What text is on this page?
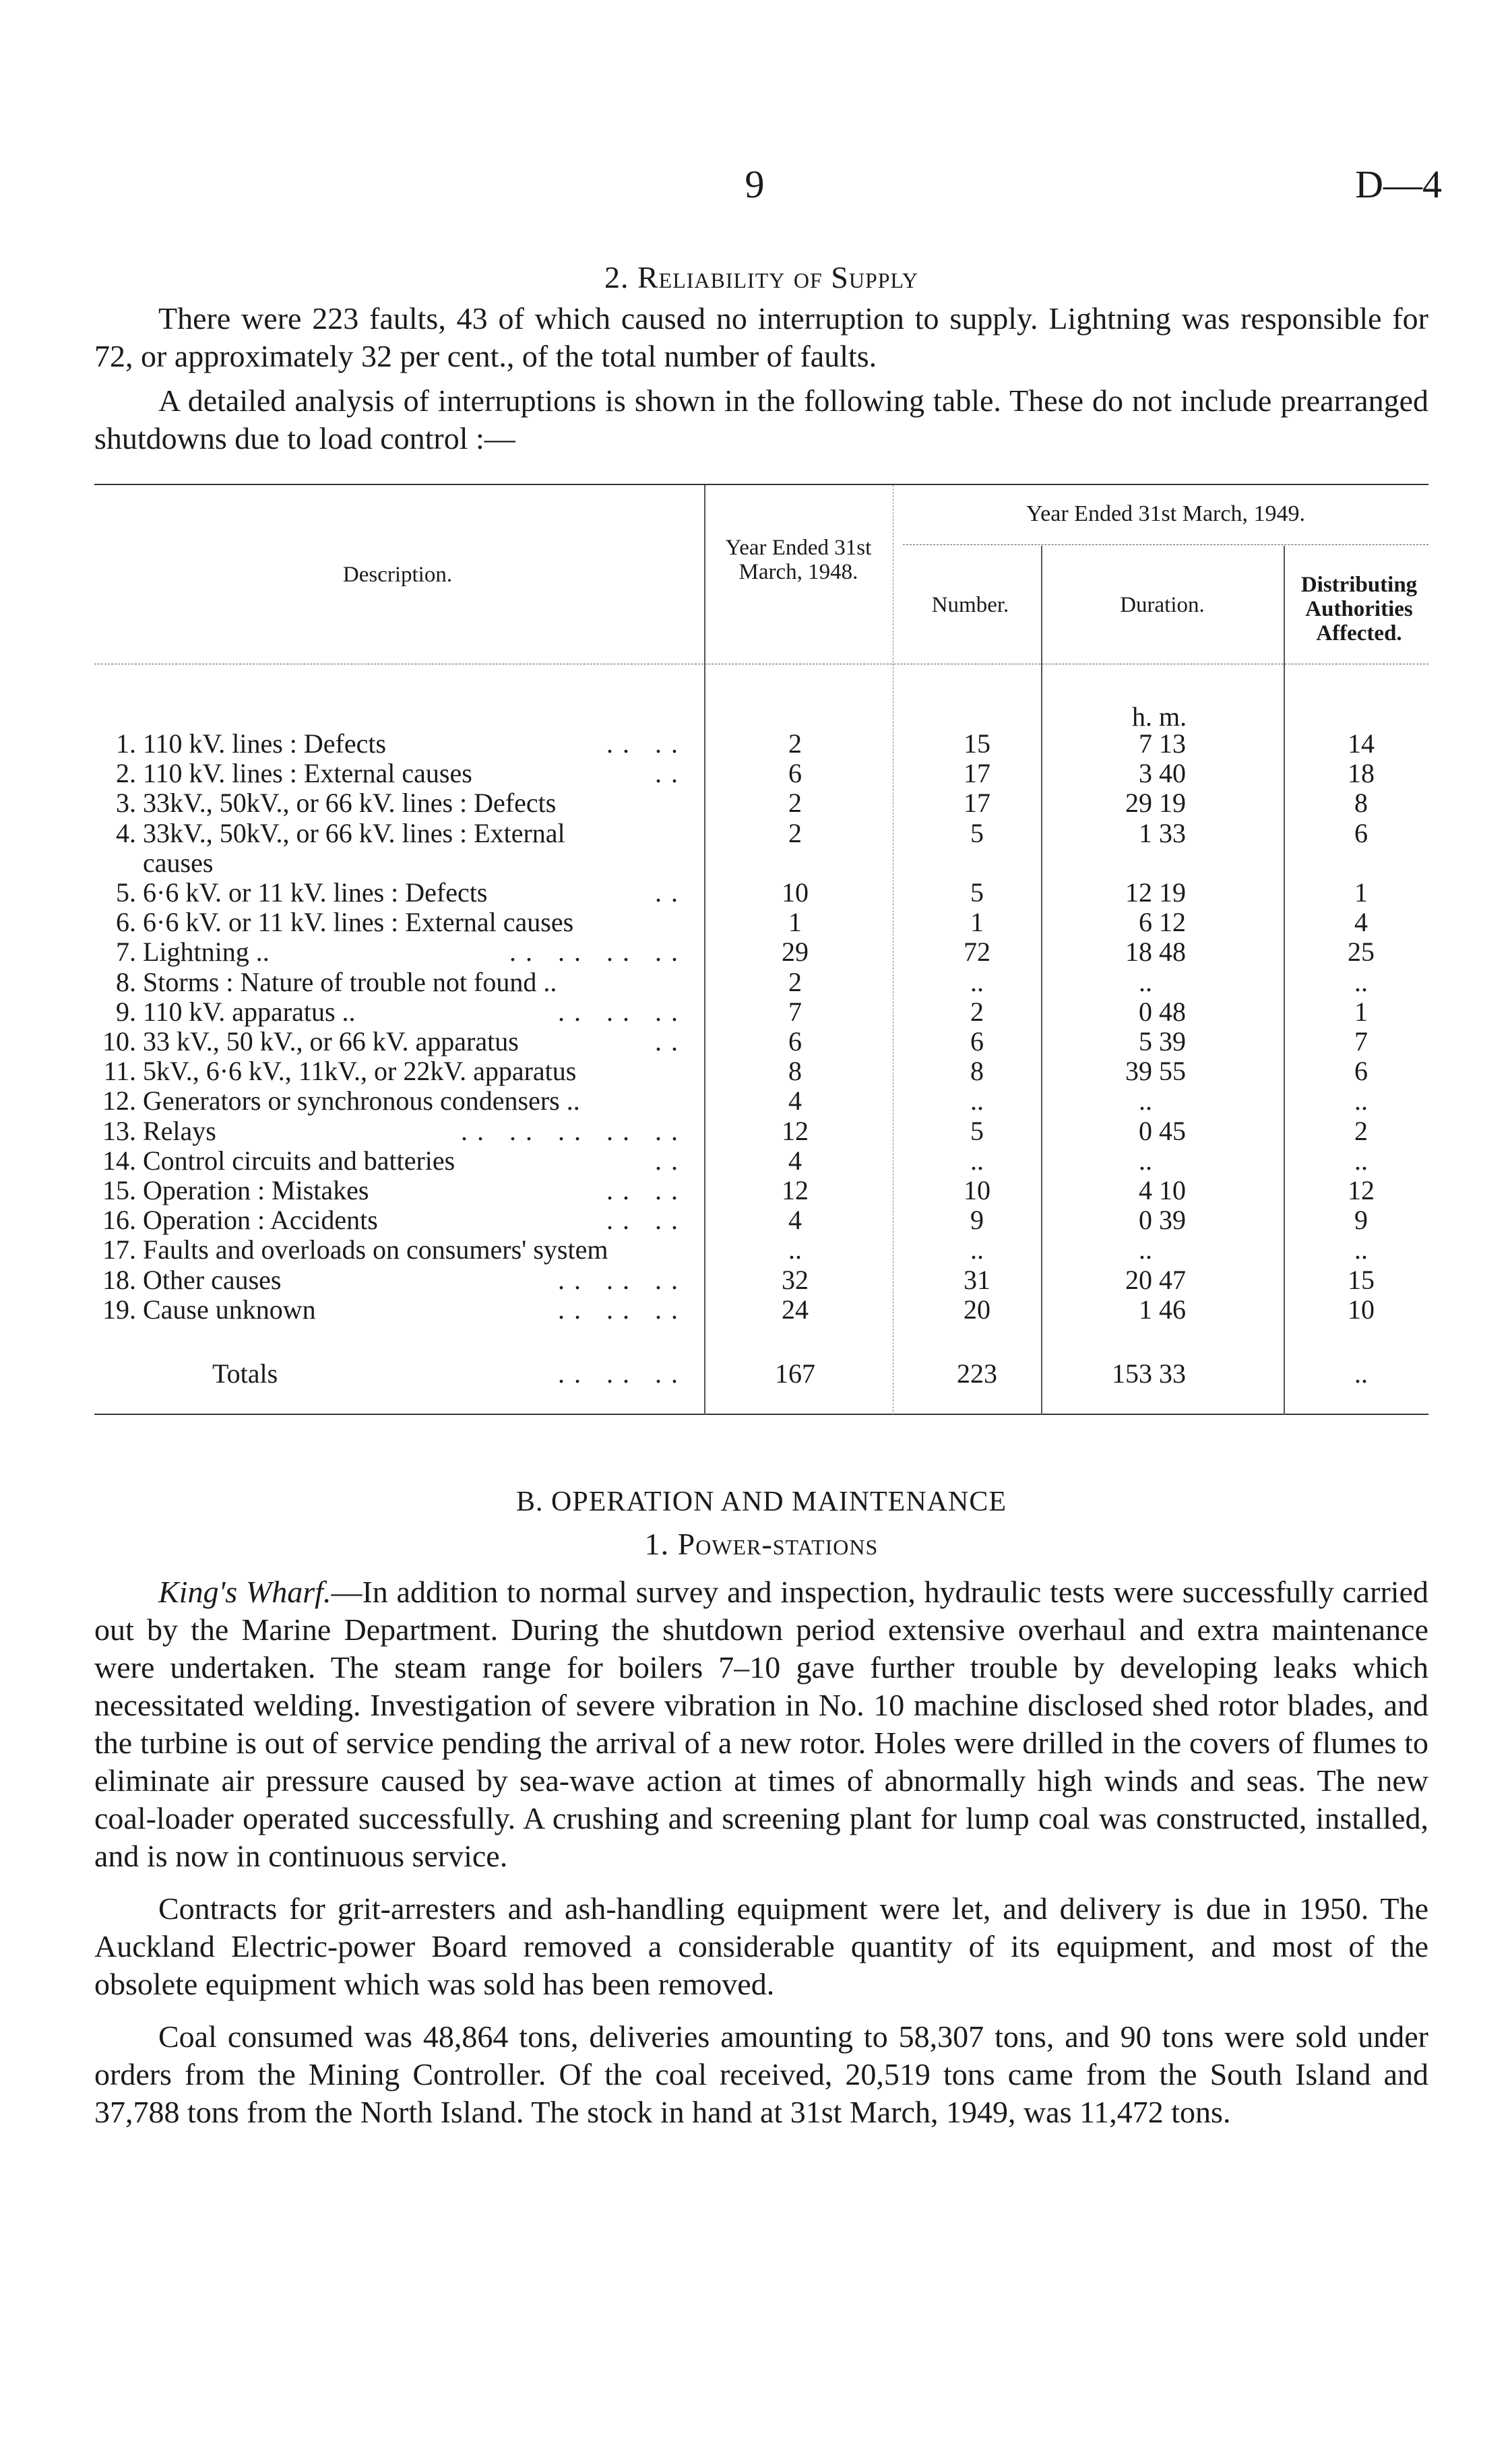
9	D—4
2. Reliability of Supply

There were 223 faults, 43 of which caused no interruption to supply. Lightning was responsible for 72, or approximately 32 per cent., of the total number of faults.

A detailed analysis of interruptions is shown in the following table. These do not include prearranged shutdowns due to load control :—

Description.
Year Ended 31st March, 1948.
Year Ended 31st March, 1949.
Number.	Duration.
Distributing Authorities Affected.
h. m.
1. 110 kV. lines : Defects	.. ..	2	15	7 13	14
2. 110 kV. lines : External causes	..	6	17	3 40	18
3. 33kV., 50kV., or 66 kV. lines : Defects	2	17	29 19	8
4. 33kV., 50kV., or 66 kV. lines : External	2	5	1 33	6
causes
5. 6·6 kV. or 11 kV. lines : Defects	..	10	5	12 19	1
6. 6·6 kV. or 11 kV. lines : External causes	1	1	6 12	4
7. Lightning ..	.. .. .. ..	29	72	18 48	25
8. Storms : Nature of trouble not found ..	2	..	..	..
9. 110 kV. apparatus ..	.. .. ..	7	2	0 48	1
10. 33 kV., 50 kV., or 66 kV. apparatus	..	6	6	5 39	7
11. 5kV., 6·6 kV., 11kV., or 22kV. apparatus	8	8	39 55	6
12. Generators or synchronous condensers ..	4	..	..	..
13. Relays	.. .. .. .. ..	12	5	0 45	2
14. Control circuits and batteries	..	4	..	..	..
15. Operation : Mistakes	.. ..	12	10	4 10	12
16. Operation : Accidents	.. ..	4	9	0 39	9
17. Faults and overloads on consumers' system	..	..	..	..
18. Other causes	.. .. ..	32	31	20 47	15
19. Cause unknown	.. .. ..	24	20	1 46	10
Totals	.. .. ..	167	223	153 33	..
B. OPERATION AND MAINTENANCE
1. Power-stations

King's Wharf.—In addition to normal survey and inspection, hydraulic tests were successfully carried out by the Marine Department. During the shutdown period extensive overhaul and extra maintenance were undertaken. The steam range for boilers 7–10 gave further trouble by developing leaks which necessitated welding. Investigation of severe vibration in No. 10 machine disclosed shed rotor blades, and the turbine is out of service pending the arrival of a new rotor. Holes were drilled in the covers of flumes to eliminate air pressure caused by sea-wave action at times of abnormally high winds and seas. The new coal-loader operated successfully. A crushing and screening plant for lump coal was constructed, installed, and is now in continuous service.

Contracts for grit-arresters and ash-handling equipment were let, and delivery is due in 1950. The Auckland Electric-power Board removed a considerable quantity of its equipment, and most of the obsolete equipment which was sold has been removed.

Coal consumed was 48,864 tons, deliveries amounting to 58,307 tons, and 90 tons were sold under orders from the Mining Controller. Of the coal received, 20,519 tons came from the South Island and 37,788 tons from the North Island. The stock in hand at 31st March, 1949, was 11,472 tons.
